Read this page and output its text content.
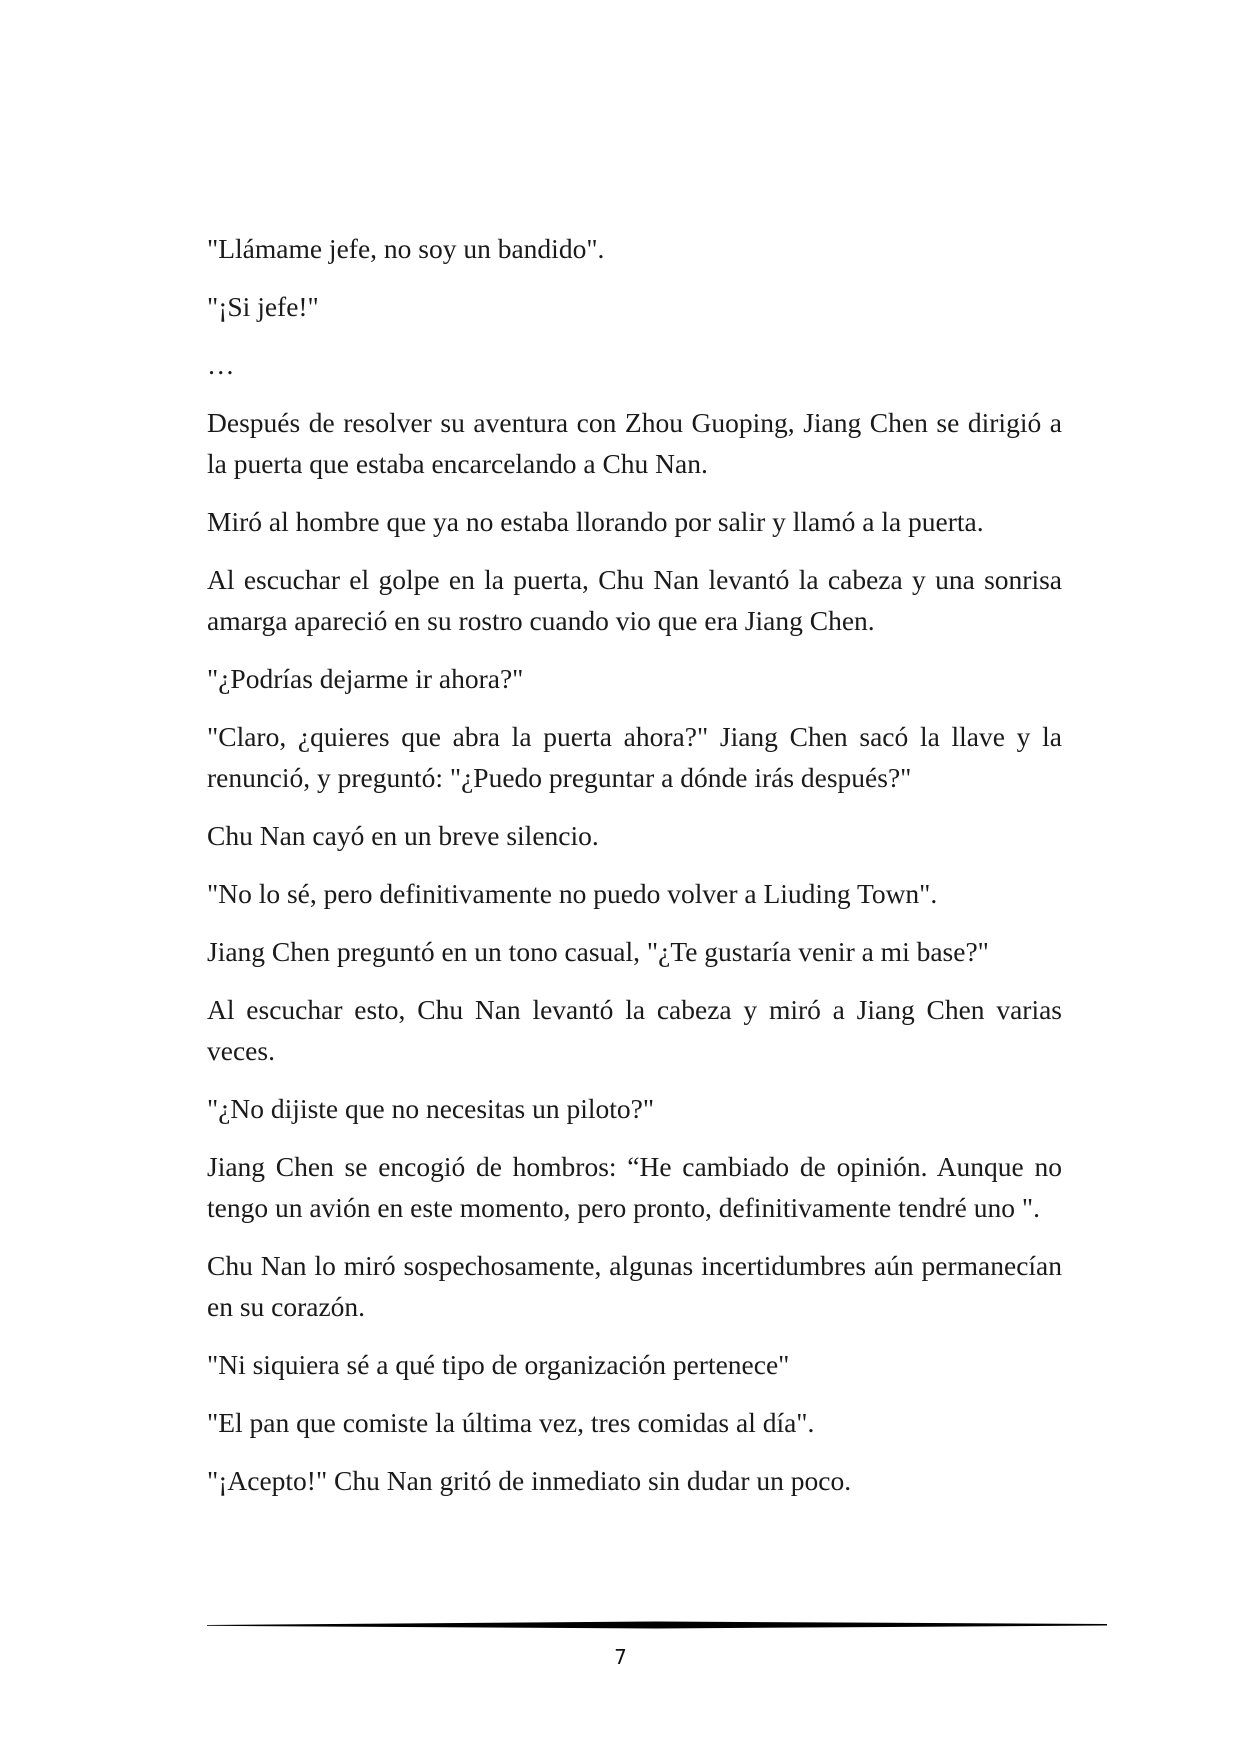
"Llámame jefe, no soy un bandido".

"¡Si jefe!"

…

Después de resolver su aventura con Zhou Guoping, Jiang Chen se dirigió a la puerta que estaba encarcelando a Chu Nan.

Miró al hombre que ya no estaba llorando por salir y llamó a la puerta.

Al escuchar el golpe en la puerta, Chu Nan levantó la cabeza y una sonrisa amarga apareció en su rostro cuando vio que era Jiang Chen.

"¿Podrías dejarme ir ahora?"

"Claro, ¿quieres que abra la puerta ahora?" Jiang Chen sacó la llave y la renunció, y preguntó: "¿Puedo preguntar a dónde irás después?"

Chu Nan cayó en un breve silencio.

"No lo sé, pero definitivamente no puedo volver a Liuding Town".

Jiang Chen preguntó en un tono casual, "¿Te gustaría venir a mi base?"

Al escuchar esto, Chu Nan levantó la cabeza y miró a Jiang Chen varias veces.

"¿No dijiste que no necesitas un piloto?"

Jiang Chen se encogió de hombros: “He cambiado de opinión. Aunque no tengo un avión en este momento, pero pronto, definitivamente tendré uno ".

Chu Nan lo miró sospechosamente, algunas incertidumbres aún permanecían en su corazón.

"Ni siquiera sé a qué tipo de organización pertenece"

"El pan que comiste la última vez, tres comidas al día".

"¡Acepto!" Chu Nan gritó de inmediato sin dudar un poco.

7
